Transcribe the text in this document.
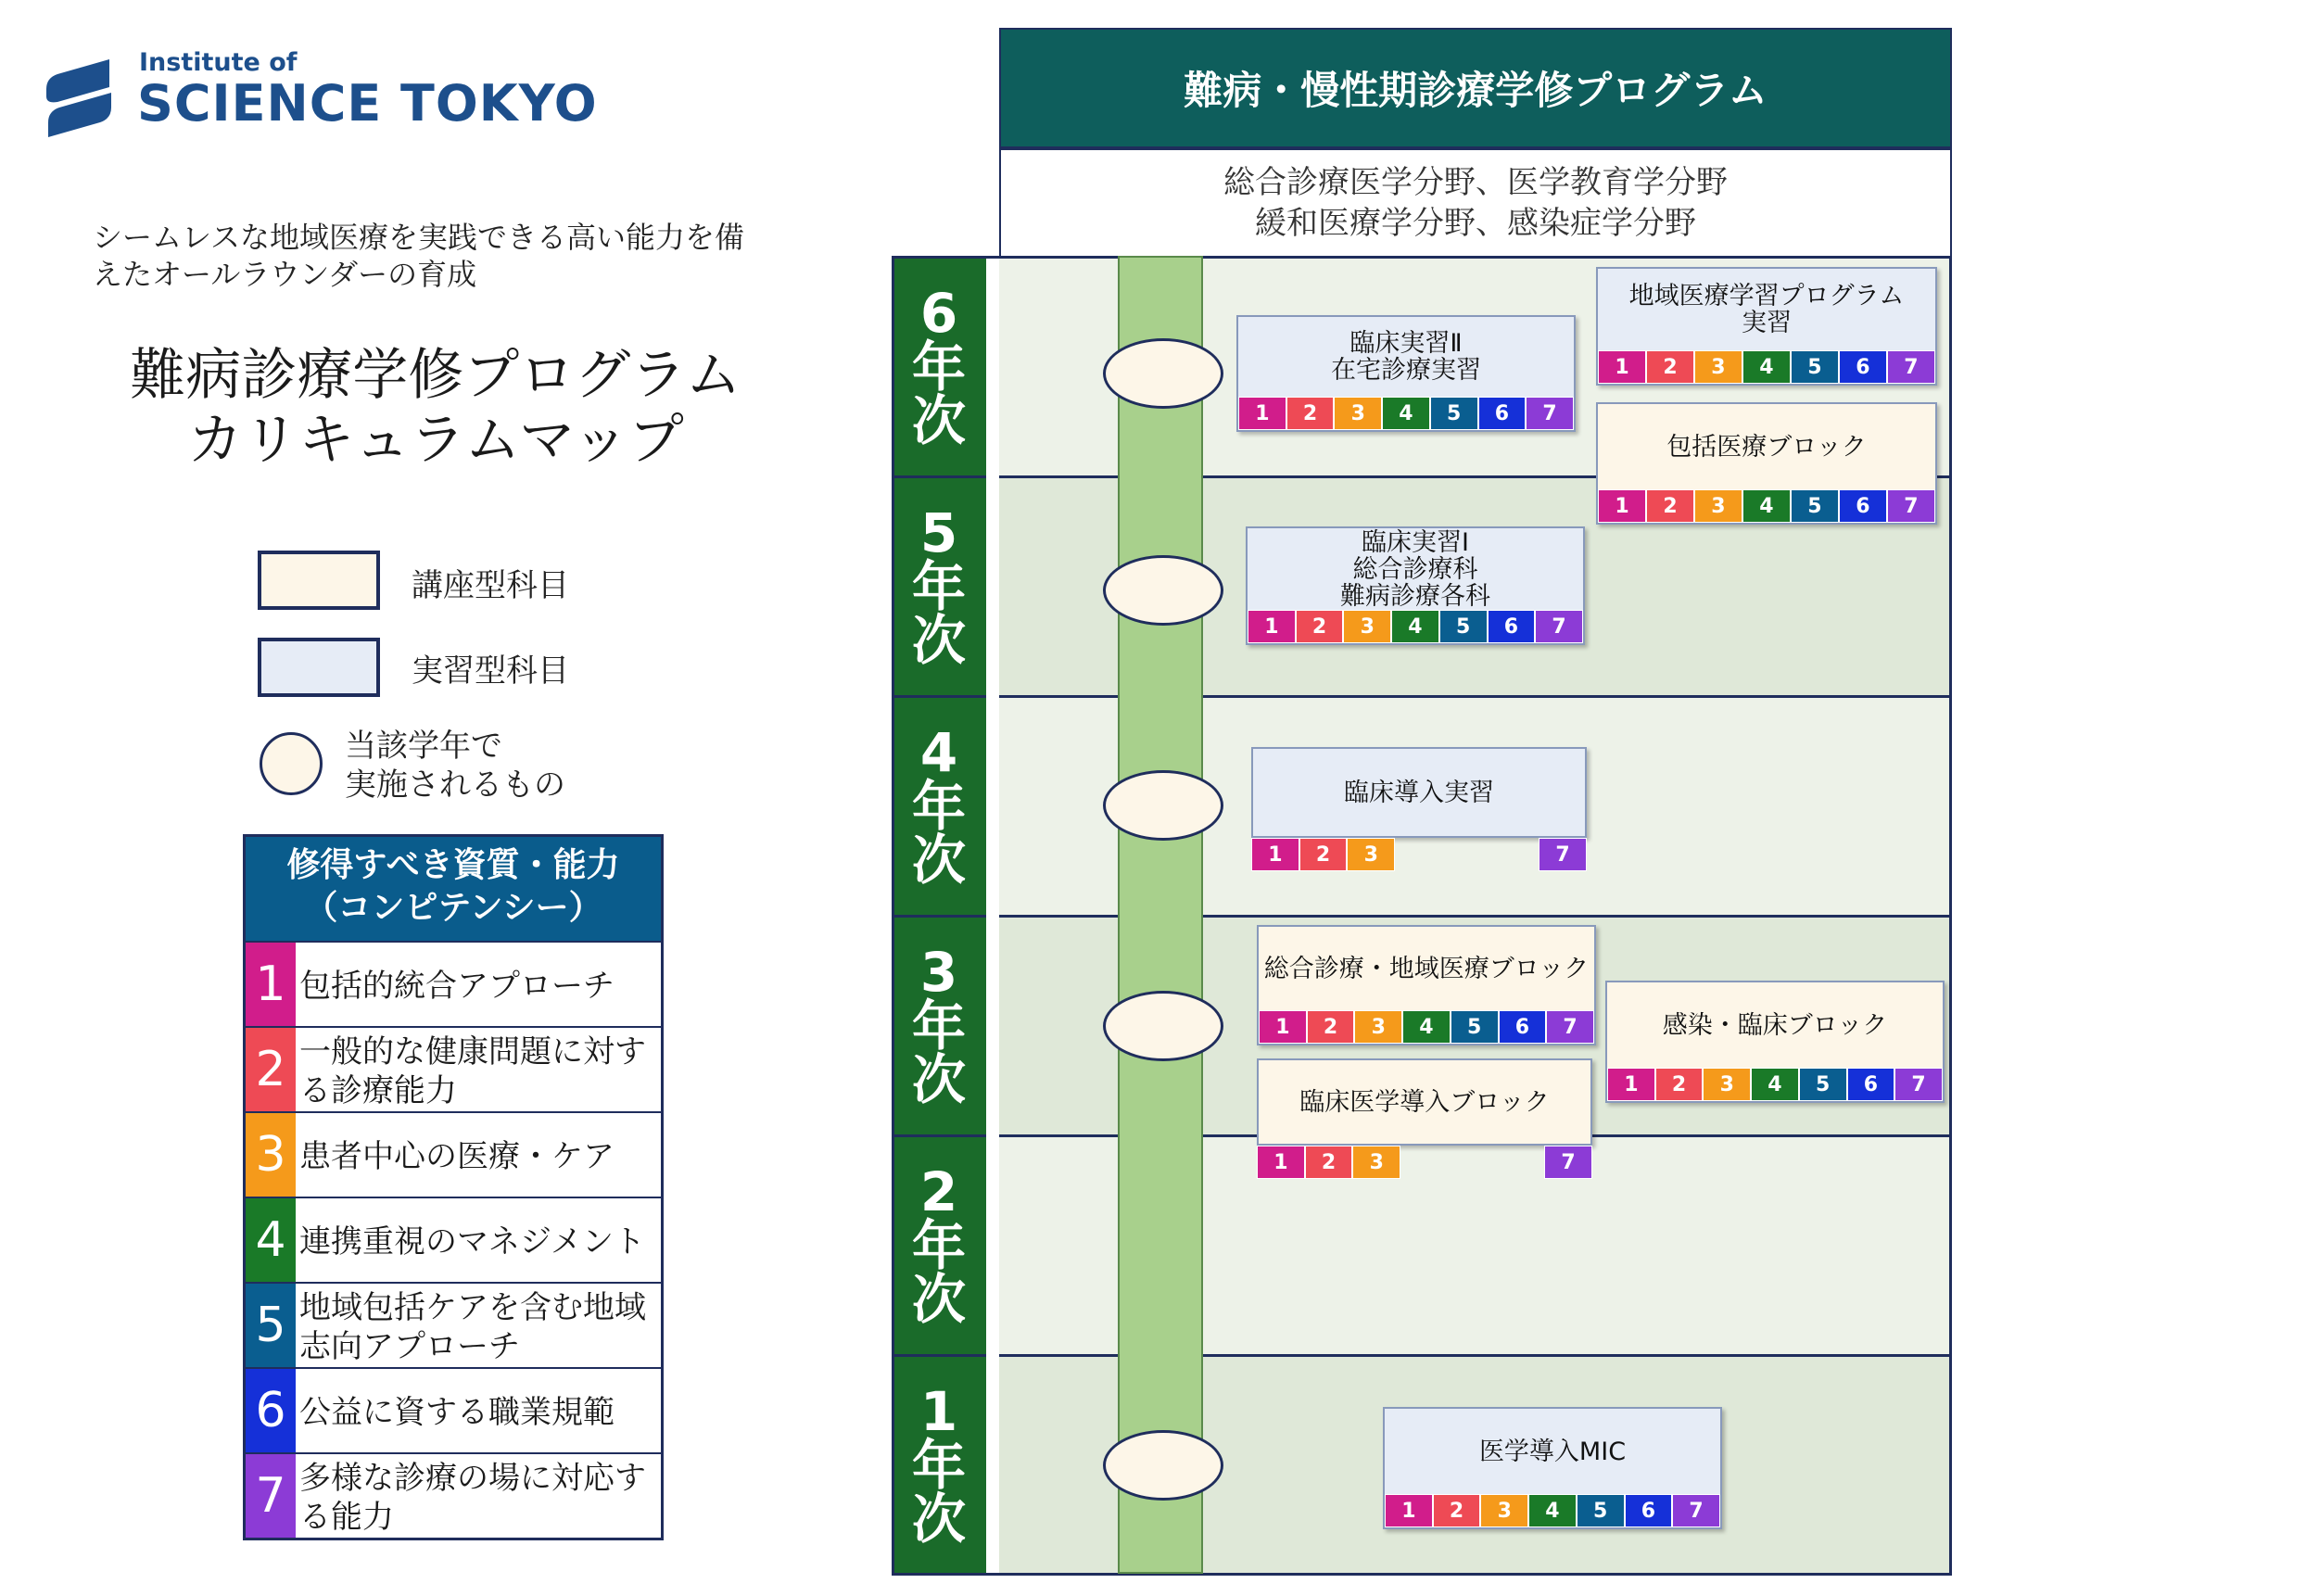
Institute of
SCIENCE TOKYO
シームレスな地域医療を実践できる高い能力を備えたオールラウンダーの育成
難病診療学修プログラム
カリキュラムマップ
講座型科目
実習型科目
当該学年で
実施されるもの
修得すべき資質・能力
（コンピテンシー）
1 包括的統合アプローチ
2 一般的な健康問題に対する診療能力
3 患者中心の医療・ケア
4 連携重視のマネジメント
5 地域包括ケアを含む地域志向アプローチ
6 公益に資する職業規範
7 多様な診療の場に対応する能力
難病・慢性期診療学修プログラム
総合診療医学分野、医学教育学分野
緩和医療学分野、感染症学分野
6
年
次
5
年
次
4
年
次
3
年
次
2
年
次
1
年
次
臨床実習Ⅱ
在宅診療実習
1	2	3	4	5	6	7
地域医療学習プログラム
実習
1	2	3	4	5	6	7
包括医療ブロック
1	2	3	4	5	6	7
臨床実習Ⅰ
総合診療科
難病診療各科
1	2	3	4	5	6	7
臨床導入実習
1	2	3	7
総合診療・地域医療ブロック
1	2	3	4	5	6	7	感染・臨床ブロック
1	2	3	4	5	6	7
臨床医学導入ブロック
1	2	3	7
医学導入MIC
1	2	3	4	5	6	7
